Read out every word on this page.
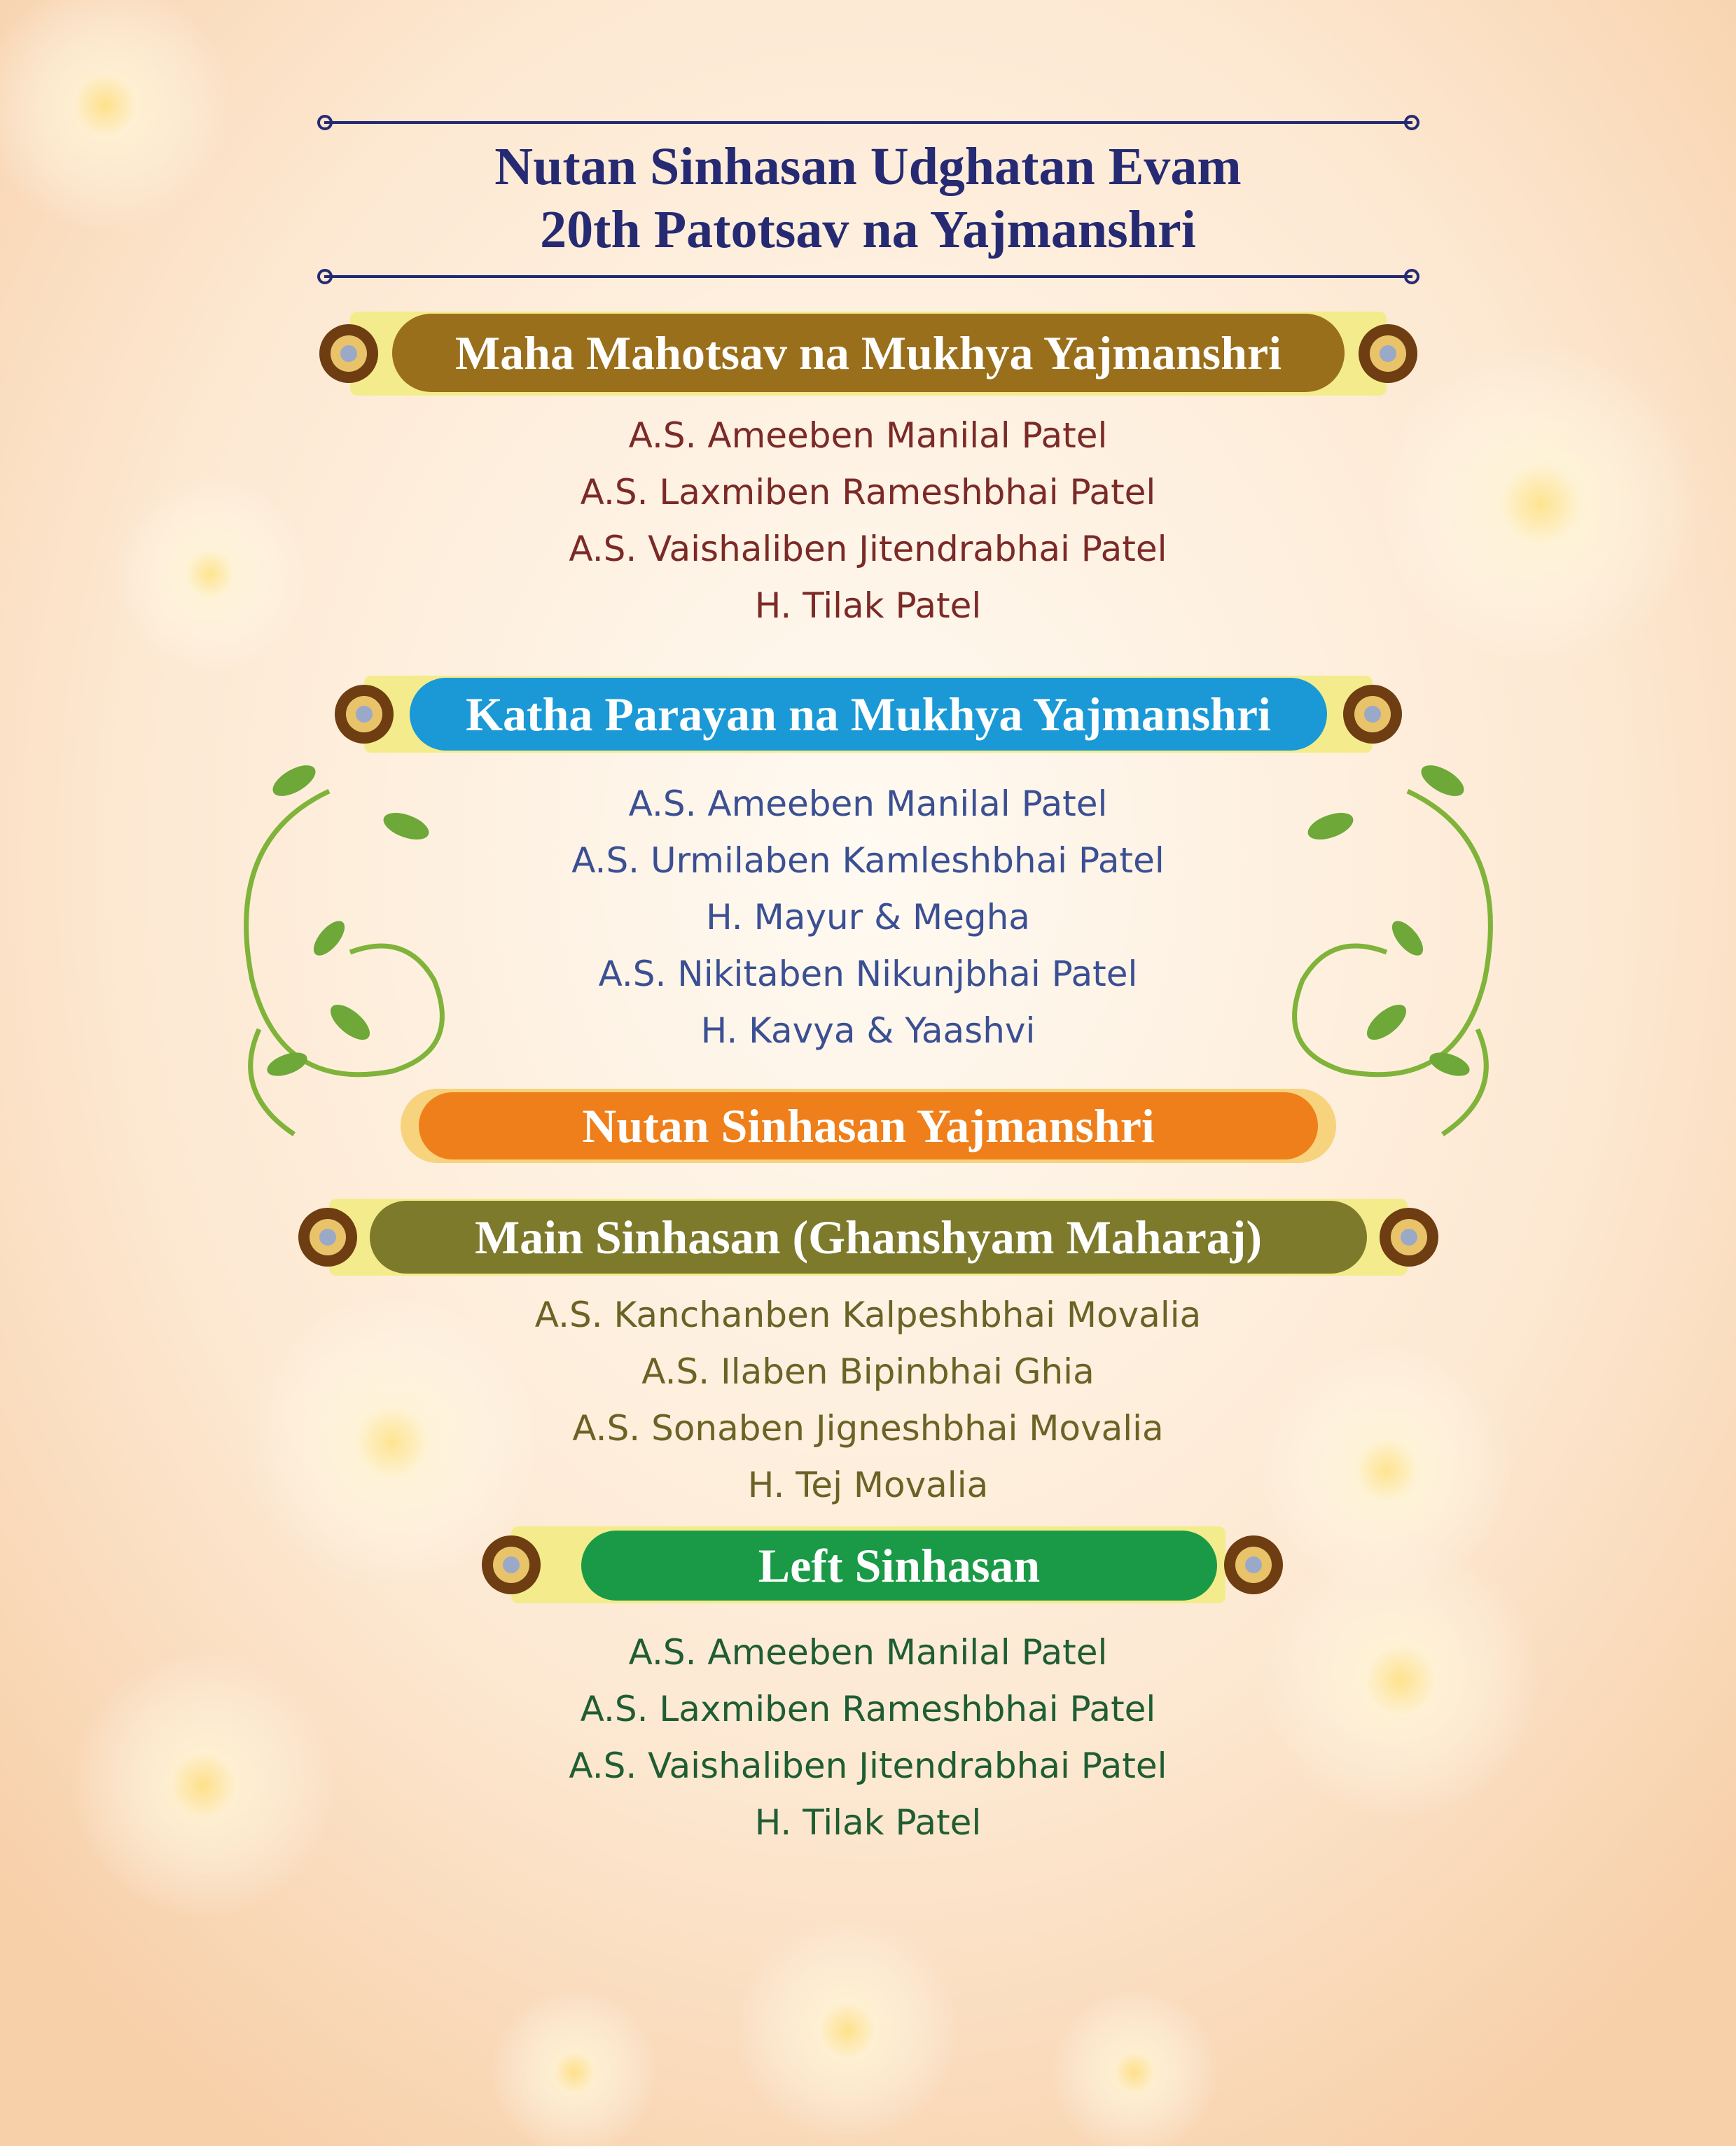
Nutan Sinhasan Udghatan Evam
20th Patotsav na Yajmanshri
Maha Mahotsav na Mukhya Yajmanshri
A.S. Ameeben Manilal Patel
A.S. Laxmiben Rameshbhai Patel
A.S. Vaishaliben Jitendrabhai Patel
H. Tilak Patel
Katha Parayan na Mukhya Yajmanshri
A.S. Ameeben Manilal Patel
A.S. Urmilaben Kamleshbhai Patel
H. Mayur & Megha
A.S. Nikitaben Nikunjbhai Patel
H. Kavya & Yaashvi
Nutan Sinhasan Yajmanshri
Main Sinhasan (Ghanshyam Maharaj)
A.S. Kanchanben Kalpeshbhai Movalia
A.S. Ilaben Bipinbhai Ghia
A.S. Sonaben Jigneshbhai Movalia
H. Tej Movalia
Left Sinhasan
A.S. Ameeben Manilal Patel
A.S. Laxmiben Rameshbhai Patel
A.S. Vaishaliben Jitendrabhai Patel
H. Tilak Patel
